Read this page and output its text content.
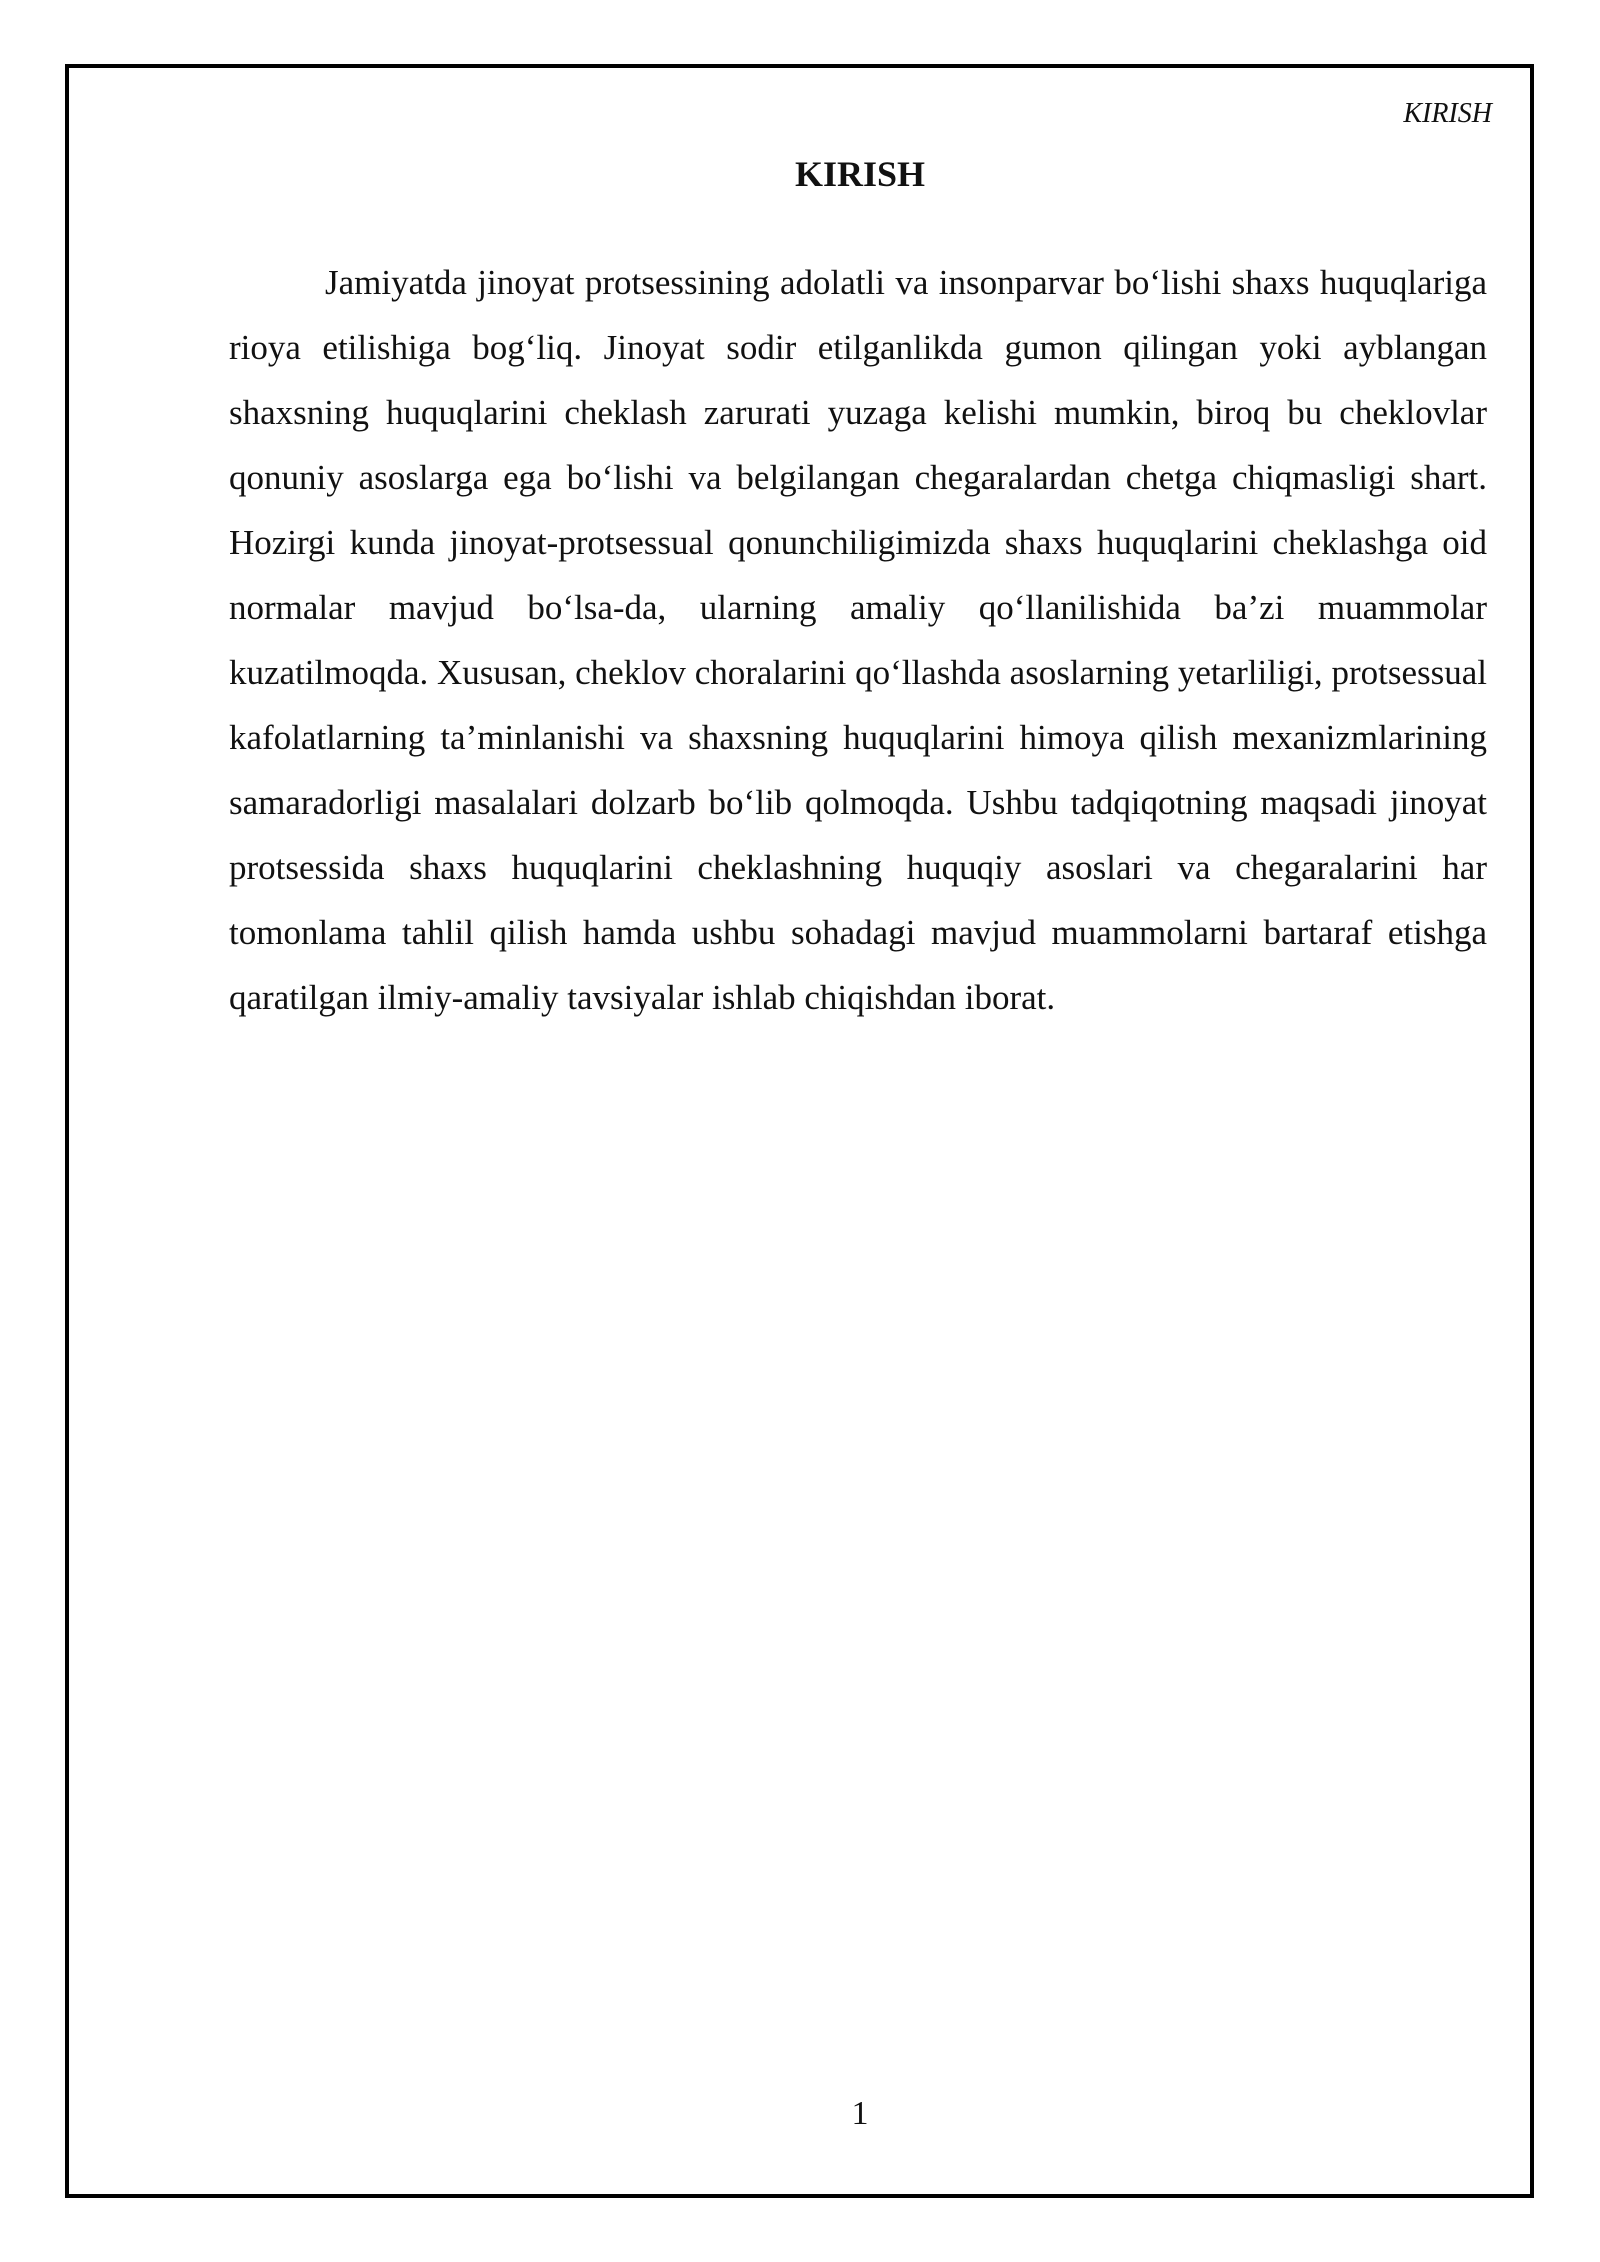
KIRISH

KIRISH

Jamiyatda jinoyat protsessining adolatli va insonparvar bo‘lishi shaxs huquqlariga rioya etilishiga bog‘liq. Jinoyat sodir etilganlikda gumon qilingan yoki ayblangan shaxsning huquqlarini cheklash zarurati yuzaga kelishi mumkin, biroq bu cheklovlar qonuniy asoslarga ega bo‘lishi va belgilangan chegaralardan chetga chiqmasligi shart. Hozirgi kunda jinoyat-protsessual qonunchiligimizda shaxs huquqlarini cheklashga oid normalar mavjud bo‘lsa-da, ularning amaliy qo‘llanilishida ba’zi muammolar kuzatilmoqda. Xususan, cheklov choralarini qo‘llashda asoslarning yetarliligi, protsessual kafolatlarning ta’minlanishi va shaxsning huquqlarini himoya qilish mexanizmlarining samaradorligi masalalari dolzarb bo‘lib qolmoqda. Ushbu tadqiqotning maqsadi jinoyat protsessida shaxs huquqlarini cheklashning huquqiy asoslari va chegaralarini har tomonlama tahlil qilish hamda ushbu sohadagi mavjud muammolarni bartaraf etishga qaratilgan ilmiy-amaliy tavsiyalar ishlab chiqishdan iborat.

1
